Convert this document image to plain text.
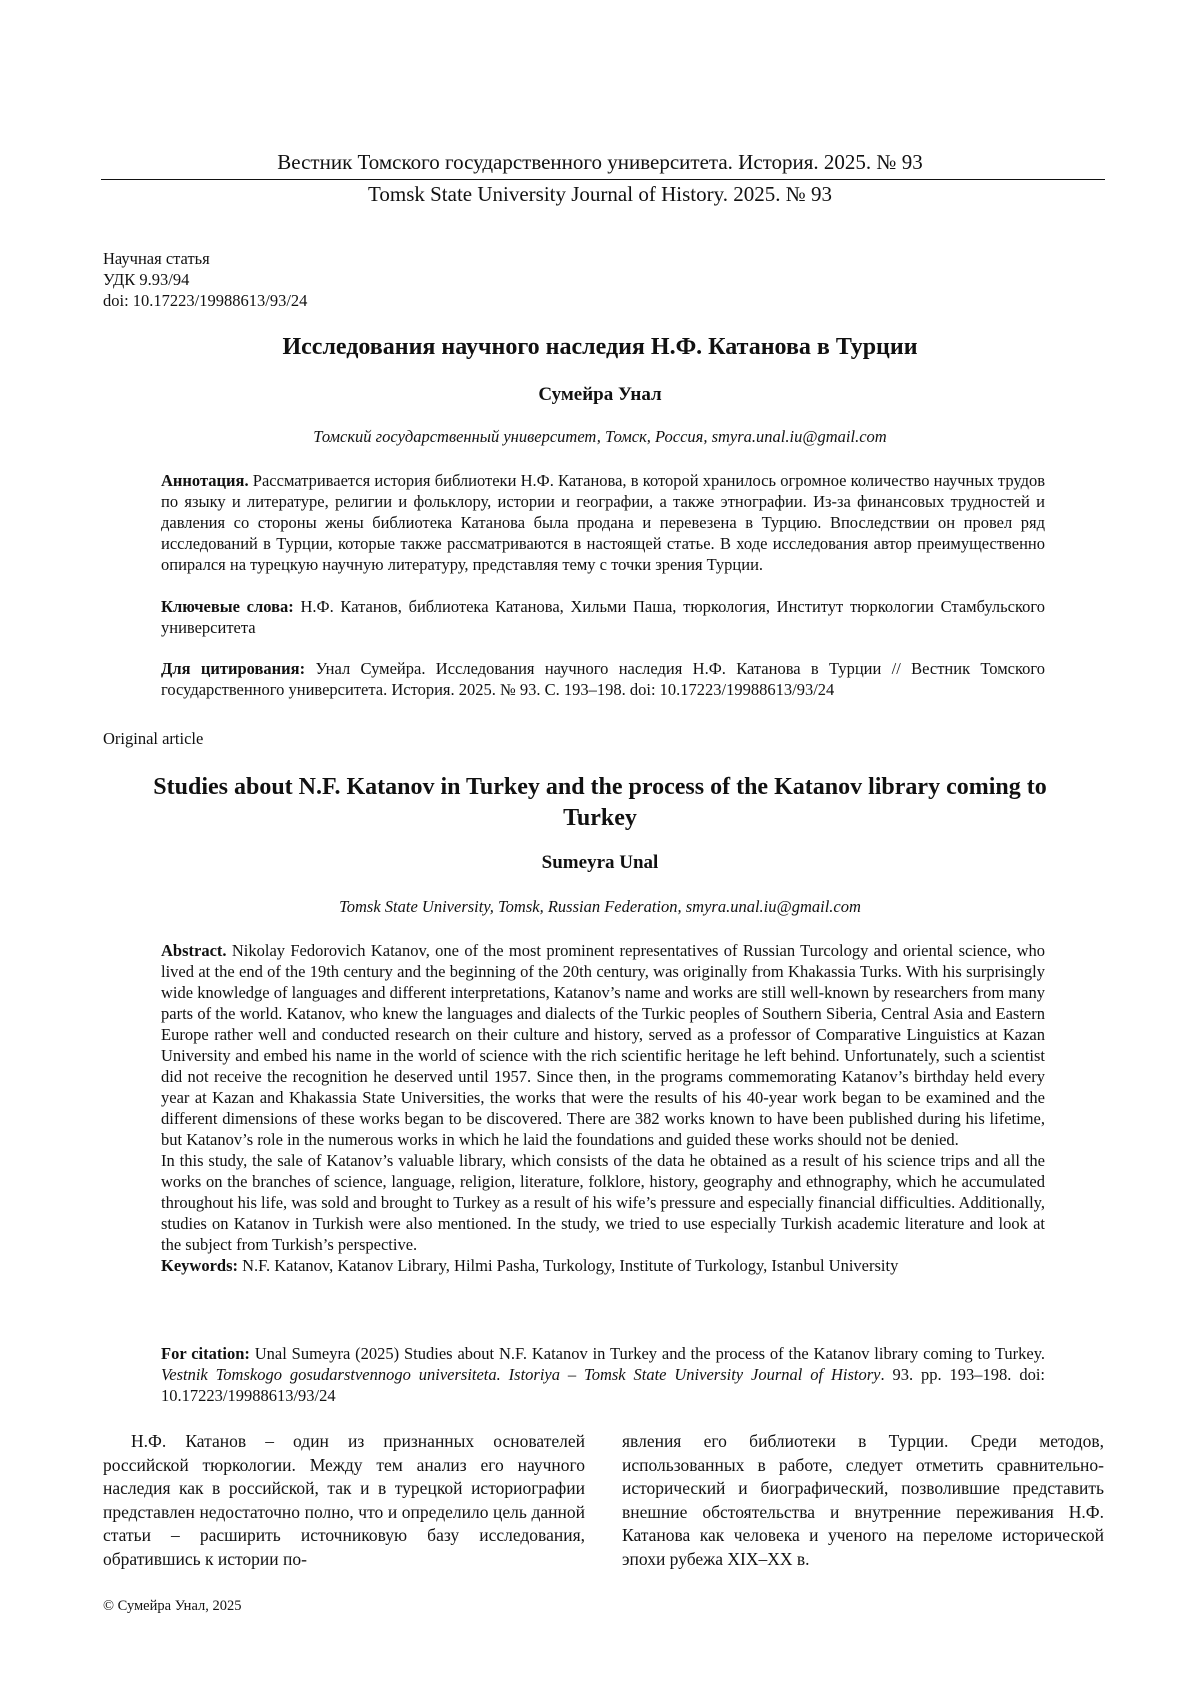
Вестник Томского государственного университета. История. 2025. № 93
Tomsk State University Journal of History. 2025. № 93
Научная статья
УДК 9.93/94
doi: 10.17223/19988613/93/24
Исследования научного наследия Н.Ф. Катанова в Турции
Сумейра Унал
Томский государственный университет, Томск, Россия, smyra.unal.iu@gmail.com

Аннотация. Рассматривается история библиотеки Н.Ф. Катанова, в которой хранилось огромное количество научных трудов по языку и литературе, религии и фольклору, истории и географии, а также этнографии. Из-за финансовых трудностей и давления со стороны жены библиотека Катанова была продана и перевезена в Турцию. Впоследствии он провел ряд исследований в Турции, которые также рассматриваются в настоящей статье. В ходе исследования автор преимущественно опирался на турецкую научную литературу, представляя тему с точки зрения Турции.

Ключевые слова: Н.Ф. Катанов, библиотека Катанова, Хильми Паша, тюркология, Институт тюркологии Стамбульского университета

Для цитирования: Унал Сумейра. Исследования научного наследия Н.Ф. Катанова в Турции // Вестник Томского государственного университета. История. 2025. № 93. С. 193–198. doi: 10.17223/19988613/93/24

Original article
Studies about N.F. Katanov in Turkey and the process of the Katanov library coming to Turkey
Sumeyra Unal
Tomsk State University, Tomsk, Russian Federation, smyra.unal.iu@gmail.com

Abstract. Nikolay Fedorovich Katanov, one of the most prominent representatives of Russian Turcology and oriental science, who lived at the end of the 19th century and the beginning of the 20th century, was originally from Khakassia Turks. With his surprisingly wide knowledge of languages and different interpretations, Katanov’s name and works are still well-known by researchers from many parts of the world. Katanov, who knew the languages and dialects of the Turkic peoples of Southern Siberia, Central Asia and Eastern Europe rather well and conducted research on their culture and history, served as a professor of Comparative Linguistics at Kazan University and embed his name in the world of science with the rich scientific heritage he left behind. Unfortunately, such a scientist did not receive the recognition he deserved until 1957. Since then, in the programs commemorating Katanov’s birthday held every year at Kazan and Khakassia State Universities, the works that were the results of his 40-year work began to be examined and the different dimensions of these works began to be discovered. There are 382 works known to have been published during his lifetime, but Katanov’s role in the numerous works in which he laid the foundations and guided these works should not be denied.

In this study, the sale of Katanov’s valuable library, which consists of the data he obtained as a result of his science trips and all the works on the branches of science, language, religion, literature, folklore, history, geography and ethnography, which he accumulated throughout his life, was sold and brought to Turkey as a result of his wife’s pressure and especially financial difficulties. Additionally, studies on Katanov in Turkish were also mentioned. In the study, we tried to use especially Turkish academic literature and look at the subject from Turkish’s perspective.

Keywords: N.F. Katanov, Katanov Library, Hilmi Pasha, Turkology, Institute of Turkology, Istanbul University

For citation: Unal Sumeyra (2025) Studies about N.F. Katanov in Turkey and the process of the Katanov library coming to Turkey. Vestnik Tomskogo gosudarstvennogo universiteta. Istoriya – Tomsk State University Journal of History. 93. pp. 193–198. doi: 10.17223/19988613/93/24

Н.Ф. Катанов – один из признанных основателей российской тюркологии. Между тем анализ его научного наследия как в российской, так и в турецкой историографии представлен недостаточно полно, что и определило цель данной статьи – расширить источниковую базу исследования, обратившись к истории по-

явления его библиотеки в Турции. Среди методов, использованных в работе, следует отметить сравнительно-исторический и биографический, позволившие представить внешние обстоятельства и внутренние переживания Н.Ф. Катанова как человека и ученого на переломе исторической эпохи рубежа XIX–XX в.

© Сумейра Унал, 2025
